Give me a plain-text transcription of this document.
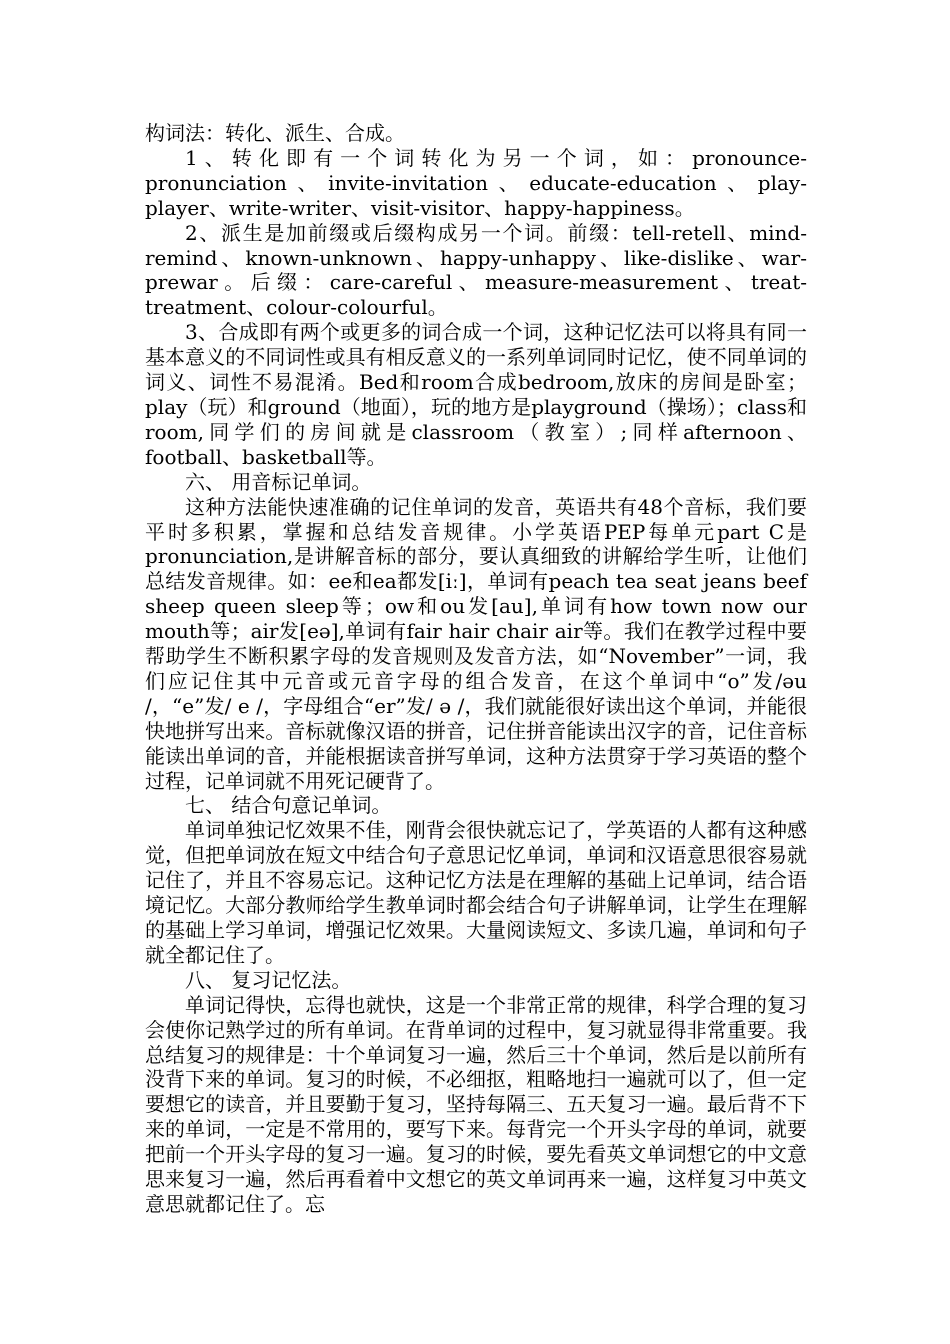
构词法：转化、派生、合成。

1、转化即有一个词转化为另一个词，如：pronounce-pronunciation、invite-invitation、educate-education、play-player、write-writer、visit-visitor、happy-happiness。

2、派生是加前缀或后缀构成另一个词。前缀：tell-retell、mind-remind、known-unknown、happy-unhappy、like-dislike、war-prewar。后缀：care-careful、measure-measurement、treat-treatment、colour-colourful。

3、合成即有两个或更多的词合成一个词，这种记忆法可以将具有同一基本意义的不同词性或具有相反意义的一系列单词同时记忆，使不同单词的词义、词性不易混淆。Bed和room合成bedroom,放床的房间是卧室；play（玩）和ground（地面），玩的地方是playground（操场）；class和room,同学们的房间就是classroom（教室）;同样afternoon、football、basketball等。

六、 用音标记单词。

这种方法能快速准确的记住单词的发音，英语共有48个音标，我们要平时多积累，掌握和总结发音规律。小学英语PEP每单元part C是pronunciation,是讲解音标的部分，要认真细致的讲解给学生听，让他们总结发音规律。如：ee和ea都发[iː]，单词有peach tea seat jeans beef sheep queen sleep等；ow和ou发[au],单词有how town now our mouth等；air发[eə],单词有fair hair chair air等。我们在教学过程中要帮助学生不断积累字母的发音规则及发音方法，如“November”一词，我们应记住其中元音或元音字母的组合发音，在这个单词中“o”发/əu /，“e”发/ e /，字母组合“er”发/ ə /，我们就能很好读出这个单词，并能很快地拼写出来。音标就像汉语的拼音，记住拼音能读出汉字的音，记住音标能读出单词的音，并能根据读音拼写单词，这种方法贯穿于学习英语的整个过程，记单词就不用死记硬背了。

七、 结合句意记单词。

单词单独记忆效果不佳，刚背会很快就忘记了，学英语的人都有这种感觉，但把单词放在短文中结合句子意思记忆单词，单词和汉语意思很容易就记住了，并且不容易忘记。这种记忆方法是在理解的基础上记单词，结合语境记忆。大部分教师给学生教单词时都会结合句子讲解单词，让学生在理解的基础上学习单词，增强记忆效果。大量阅读短文、多读几遍，单词和句子就全都记住了。

八、 复习记忆法。

单词记得快，忘得也就快，这是一个非常正常的规律，科学合理的复习会使你记熟学过的所有单词。在背单词的过程中，复习就显得非常重要。我总结复习的规律是：十个单词复习一遍，然后三十个单词，然后是以前所有没背下来的单词。复习的时候，不必细抠，粗略地扫一遍就可以了，但一定要想它的读音，并且要勤于复习，坚持每隔三、五天复习一遍。最后背不下来的单词，一定是不常用的，要写下来。每背完一个开头字母的单词，就要把前一个开头字母的复习一遍。复习的时候，要先看英文单词想它的中文意思来复习一遍，然后再看着中文想它的英文单词再来一遍，这样复习中英文意思就都记住了。忘
